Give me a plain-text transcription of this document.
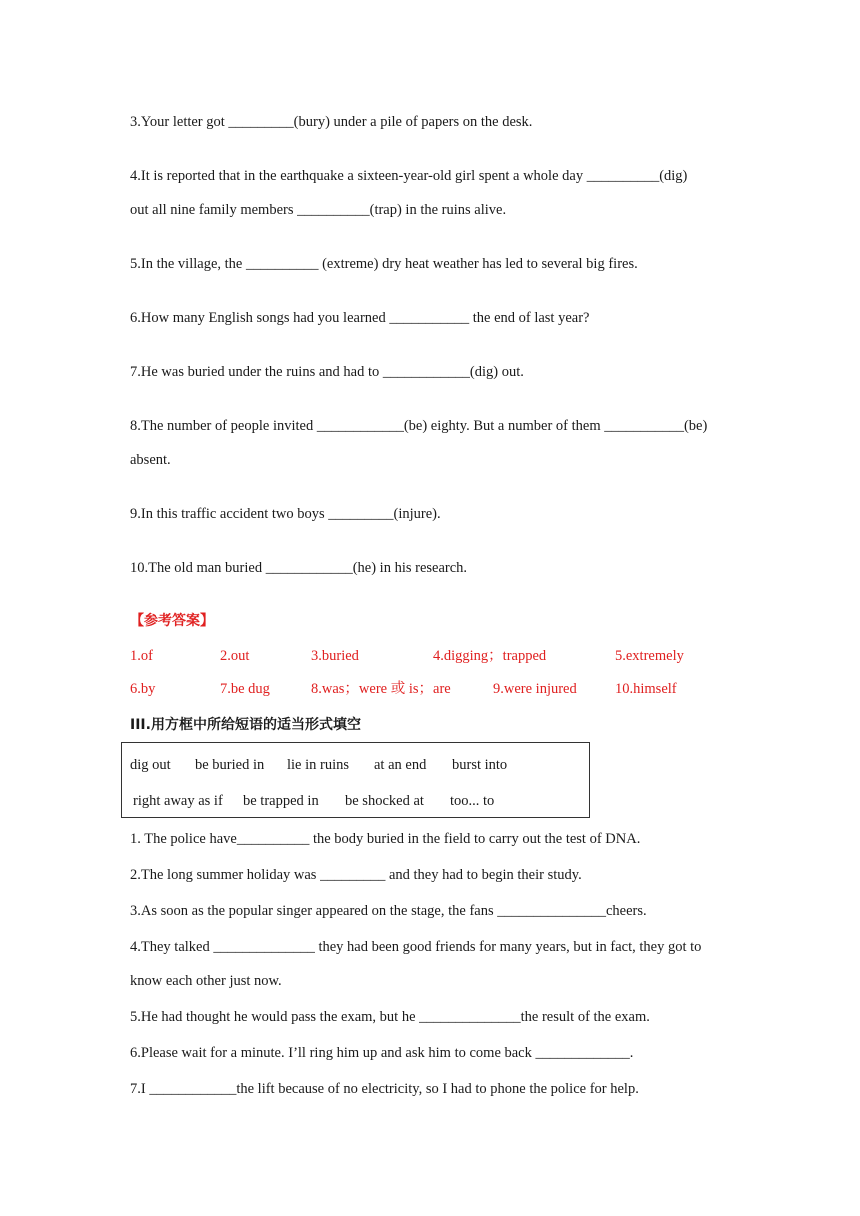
3.Your letter got _________(bury) under a pile of papers on the desk.
4.It is reported that in the earthquake a sixteen-year-old girl spent a whole day __________(dig)
out all nine family members __________(trap) in the ruins alive.
5.In the village, the __________ (extreme) dry heat weather has led to several big fires.
6.How many English songs had you learned ___________ the end of last year?
7.He was buried under the ruins and had to ____________(dig) out.
8.The number of people invited ____________(be) eighty. But a number of them ___________(be)
absent.
9.In this traffic accident two boys _________(injure).
10.The old man buried ____________(he) in his research.
【参考答案】
1.of	2.out	3.buried	4.digging；trapped	5.extremely
6.by	7.be dug	8.was；were 或 is；are	9.were injured	10.himself
III.用方框中所给短语的适当形式填空
dig out be buried in lie in ruins at an end burst into
right away as if be trapped in be shocked at too... to
1. The police have__________ the body buried in the field to carry out the test of DNA.
2.The long summer holiday was _________ and they had to begin their study.
3.As soon as the popular singer appeared on the stage, the fans _______________cheers.
4.They talked ______________ they had been good friends for many years, but in fact, they got to
know each other just now.
5.He had thought he would pass the exam, but he ______________the result of the exam.
6.Please wait for a minute. I’ll ring him up and ask him to come back _____________.
7.I ____________the lift because of no electricity, so I had to phone the police for help.
